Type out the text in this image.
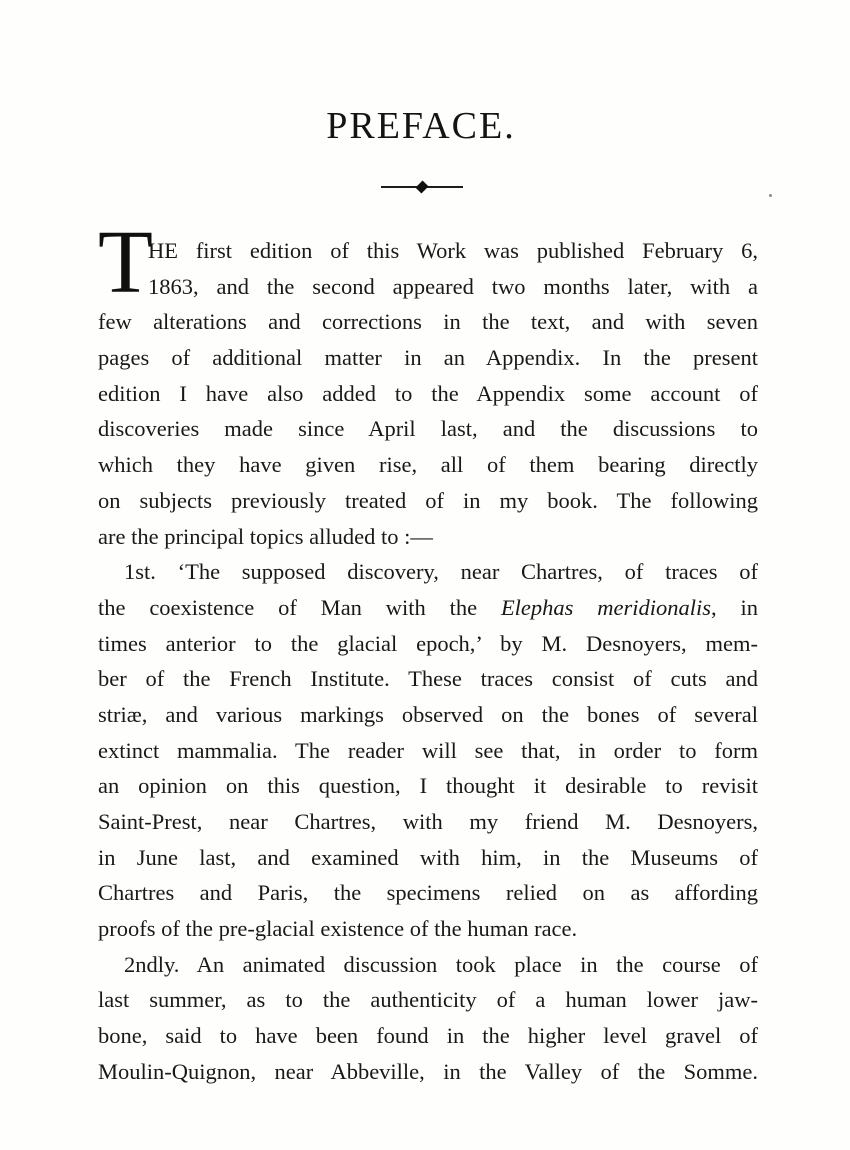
PREFACE.
T
HE first edition of this Work was published February 6,
1863, and the second appeared two months later, with a
few alterations and corrections in the text, and with seven
pages of additional matter in an Appendix. In the present
edition I have also added to the Appendix some account of
discoveries made since April last, and the discussions to
which they have given rise, all of them bearing directly
on subjects previously treated of in my book. The following
are the principal topics alluded to :—
1st. ‘The supposed discovery, near Chartres, of traces of
the coexistence of Man with the Elephas meridionalis, in
times anterior to the glacial epoch,’ by M. Desnoyers, mem-
ber of the French Institute. These traces consist of cuts and
striæ, and various markings observed on the bones of several
extinct mammalia. The reader will see that, in order to form
an opinion on this question, I thought it desirable to revisit
Saint-Prest, near Chartres, with my friend M. Desnoyers,
in June last, and examined with him, in the Museums of
Chartres and Paris, the specimens relied on as affording
proofs of the pre-glacial existence of the human race.
2ndly. An animated discussion took place in the course of
last summer, as to the authenticity of a human lower jaw-
bone, said to have been found in the higher level gravel of
Moulin-Quignon, near Abbeville, in the Valley of the Somme.
